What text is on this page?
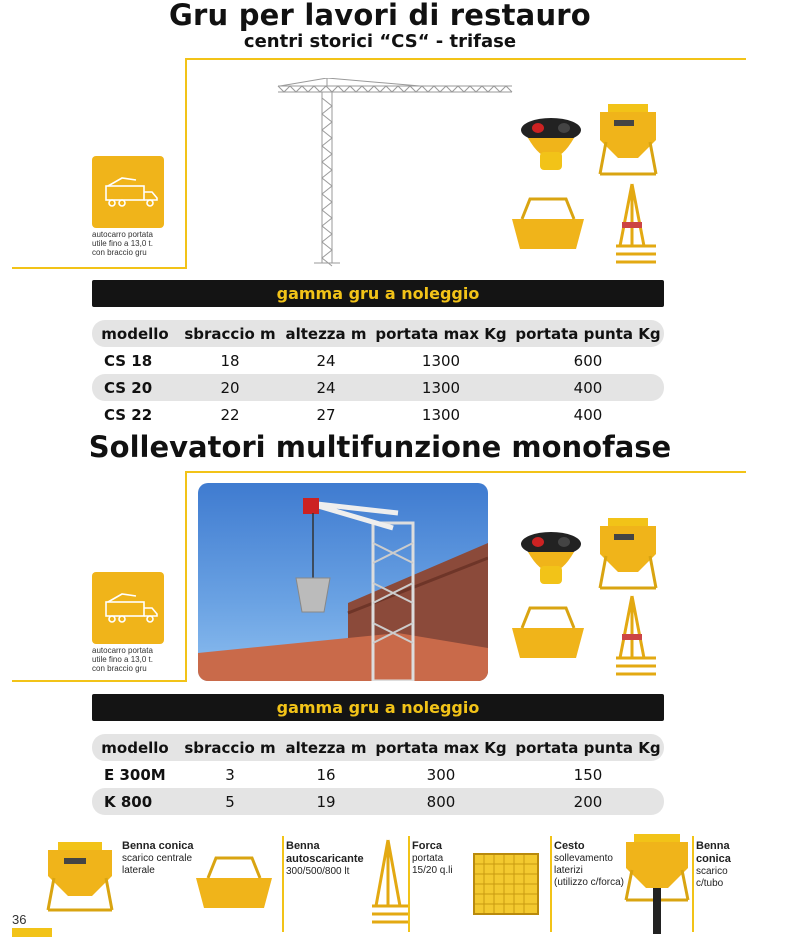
Gru per lavori di restauro
centri storici “CS“ - trifase
autocarro portata
utile fino a 13,0 t.
con braccio gru
gamma gru a noleggio
modello	sbraccio m	altezza m	portata max Kg	portata punta Kg
CS 18	18	24	1300	600
CS 20	20	24	1300	400
CS 22	22	27	1300	400
Sollevatori multifunzione monofase
autocarro portata
utile fino a 13,0 t.
con braccio gru
gamma gru a noleggio
modello	sbraccio m	altezza m	portata max Kg	portata punta Kg
E 300M	3	16	300	150
K 800	5	19	800	200
Benna conica
scarico centrale
laterale
Benna autoscaricante
300/500/800 lt
Forca
portata
15/20 q.li
Cesto
sollevamento
laterizi
(utilizzo c/forca)
Benna conica
scarico
c/tubo
36
